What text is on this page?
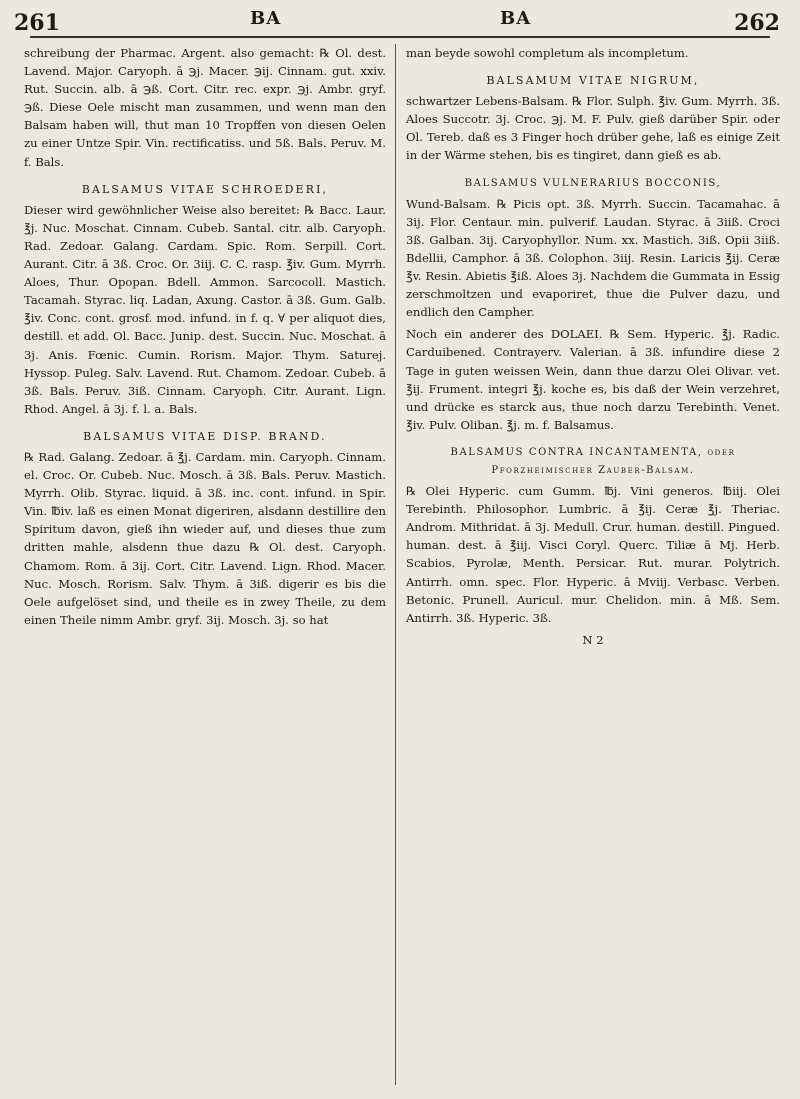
261	BA	BA	262

schreibung der Pharmac. Argent. also gemacht: ℞ Ol. dest. Lavend. Major. Caryoph. ā ℈j. Macer. ℈ij. Cinnam. gut. xxiv. Rut. Succin. alb. ā ℈ß. Cort. Citr. rec. expr. ℈j. Ambr. gryf. ℈ß. Diese Oele mischt man zusammen, und wenn man den Balsam haben will, thut man 10 Tropffen von diesen Oelen zu einer Untze Spir. Vin. rectificatiss. und 5ß. Bals. Peruv. M. f. Bals.

BALSAMUS VITAE SCHROEDERI,

Dieser wird gewöhnlicher Weise also bereitet: ℞ Bacc. Laur. ℥j. Nuc. Moschat. Cinnam. Cubeb. Santal. citr. alb. Caryoph. Rad. Zedoar. Galang. Cardam. Spic. Rom. Serpill. Cort. Aurant. Citr. ā 3ß. Croc. Or. 3iij. C. C. rasp. ℥iv. Gum. Myrrh. Aloes, Thur. Opopan. Bdell. Ammon. Sarcocoll. Mastich. Tacamah. Styrac. liq. Ladan, Axung. Castor. ā 3ß. Gum. Galb. ℥iv. Conc. cont. grosf. mod. infund. in f. q. ∀ per aliquot dies, destill. et add. Ol. Bacc. Junip. dest. Succin. Nuc. Moschat. ā 3j. Anis. Fœnic. Cumin. Rorism. Major. Thym. Saturej. Hyssop. Puleg. Salv. Lavend. Rut. Chamom. Zedoar. Cubeb. ā 3ß. Bals. Peruv. 3iß. Cinnam. Caryoph. Citr. Aurant. Lign. Rhod. Angel. ā 3j. f. l. a. Bals.

BALSAMUS VITAE DISP. BRAND.

℞ Rad. Galang. Zedoar. ā ℥j. Cardam. min. Caryoph. Cinnam. el. Croc. Or. Cubeb. Nuc. Mosch. ā 3ß. Bals. Peruv. Mastich. Myrrh. Olib. Styrac. liquid. ā 3ß. inc. cont. infund. in Spir. Vin. ℔iv. laß es einen Monat digeriren, alsdann destillire den Spiritum davon, gieß ihn wieder auf, und dieses thue zum dritten mahle, alsdenn thue dazu ℞ Ol. dest. Caryoph. Chamom. Rom. ā 3ij. Cort. Citr. Lavend. Lign. Rhod. Macer. Nuc. Mosch. Rorism. Salv. Thym. ā 3iß. digerir es bis die Oele aufgelöset sind, und theile es in zwey Theile, zu dem einen Theile nimm Ambr. gryf. 3ij. Mosch. 3j. so hat

man beyde sowohl completum als incompletum.

BALSAMUM VITAE NIGRUM,

schwartzer Lebens-Balsam. ℞ Flor. Sulph. ℥iv. Gum. Myrrh. 3ß. Aloes Succotr. 3j. Croc. ℈j. M. F. Pulv. gieß darüber Spir. oder Ol. Tereb. daß es 3 Finger hoch drüber gehe, laß es einige Zeit in der Wärme stehen, bis es tingiret, dann gieß es ab.

BALSAMUS VULNERARIUS BOCCONIS,

Wund-Balsam. ℞ Picis opt. 3ß. Myrrh. Succin. Tacamahac. ā 3ij. Flor. Centaur. min. pulverif. Laudan. Styrac. ā 3iiß. Croci 3ß. Galban. 3ij. Caryophyllor. Num. xx. Mastich. 3iß. Opii 3iiß. Bdellii, Camphor. ā 3ß. Colophon. 3iij. Resin. Laricis ℥ij. Ceræ ℥v. Resin. Abietis ℥iß. Aloes 3j. Nachdem die Gummata in Essig zerschmoltzen und evaporiret, thue die Pulver dazu, und endlich den Campher.

Noch ein anderer des DOLAEI. ℞ Sem. Hyperic. ℥j. Radic. Carduibened. Contrayerv. Valerian. ā 3ß. infundire diese 2 Tage in guten weissen Wein, dann thue darzu Olei Olivar. vet. ℥ij. Frument. integri ℥j. koche es, bis daß der Wein verzehret, und drücke es starck aus, thue noch darzu Terebinth. Venet. ℥iv. Pulv. Oliban. ℥j. m. f. Balsamus.

BALSAMUS CONTRA INCANTAMENTA, oder Pforzheimischer Zauber-Balsam.

℞ Olei Hyperic. cum Gumm. ℔j. Vini generos. ℔iij. Olei Terebinth. Philosophor. Lumbric. ā ℥ij. Ceræ ℥j. Theriac. Androm. Mithridat. ā 3j. Medull. Crur. human. destill. Pingued. human. dest. ā ℥iij. Visci Coryl. Querc. Tiliæ ā Mj. Herb. Scabios. Pyrolæ, Menth. Persicar. Rut. murar. Polytrich. Antirrh. omn. spec. Flor. Hyperic. ā Mviij. Verbasc. Verben. Betonic. Prunell. Auricul. mur. Chelidon. min. ā Mß. Sem. Antirrh. 3ß. Hyperic. 3ß.

N 2
